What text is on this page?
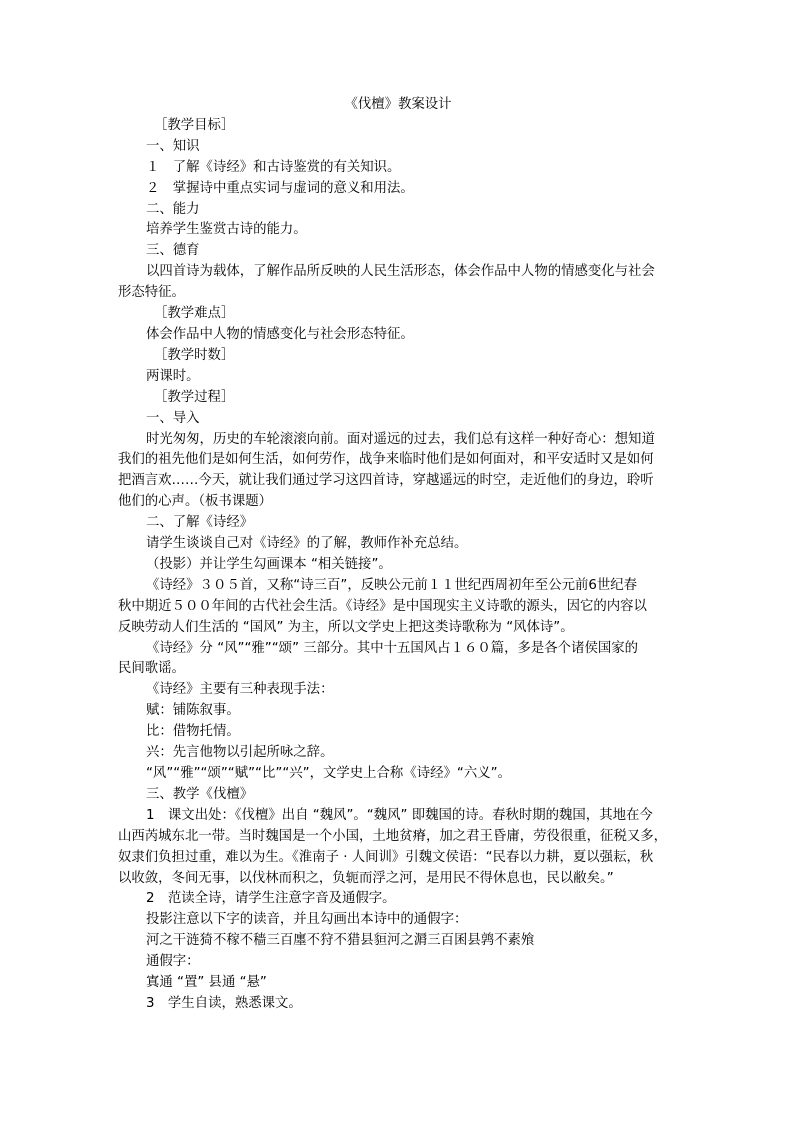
《伐檀》教案设计
［教学目标］
一、知识
１　了解《诗经》和古诗鉴赏的有关知识。
２　掌握诗中重点实词与虚词的意义和用法。
二、能力
培养学生鉴赏古诗的能力。
三、德育
以四首诗为载体，了解作品所反映的人民生活形态，体会作品中人物的情感变化与社会
形态特征。
［教学难点］
体会作品中人物的情感变化与社会形态特征。
［教学时数］
两课时。
［教学过程］
一、导入
时光匆匆，历史的车轮滚滚向前。面对遥远的过去，我们总有这样一种好奇心：想知道
我们的祖先他们是如何生活，如何劳作，战争来临时他们是如何面对，和平安适时又是如何
把酒言欢……今天，就让我们通过学习这四首诗，穿越遥远的时空，走近他们的身边，聆听
他们的心声。（板书课题）
二、了解《诗经》
请学生谈谈自己对《诗经》的了解，教师作补充总结。
（投影）并让学生勾画课本 “相关链接”。
《诗经》３０５首，又称“诗三百”，反映公元前１１世纪西周初年至公元前6世纪春
秋中期近５００年间的古代社会生活。《诗经》是中国现实主义诗歌的源头，因它的内容以
反映劳动人们生活的 “国风” 为主，所以文学史上把这类诗歌称为 “风体诗”。
《诗经》分 “风”“雅”“颂” 三部分。其中十五国风占１６０篇，多是各个诸侯国家的
民间歌谣。
《诗经》主要有三种表现手法：
赋：铺陈叙事。
比：借物托情。
兴：先言他物以引起所咏之辞。
“风”“雅”“颂”“赋”“比”“兴”，文学史上合称《诗经》“六义”。
三、教学《伐檀》
1　课文出处：《伐檀》出自 “魏风”。“魏风” 即魏国的诗。春秋时期的魏国，其地在今
山西芮城东北一带。当时魏国是一个小国，土地贫瘠，加之君王昏庸，劳役很重，征税又多，
奴隶们负担过重，难以为生。《淮南子 · 人间训》引魏文侯语：“民春以力耕，夏以强耘，秋
以收敛，冬间无事，以伐林而积之，负轭而浮之河，是用民不得休息也，民以敝矣。”
2　范读全诗，请学生注意字音及通假字。
投影注意以下字的读音，并且勾画出本诗中的通假字：
河之干涟猗不稼不穑三百廛不狩不猎县貆河之漘三百囷县鹑不素飧
通假字：
寘通 “置” 县通 “悬”
3　学生自读，熟悉课文。
